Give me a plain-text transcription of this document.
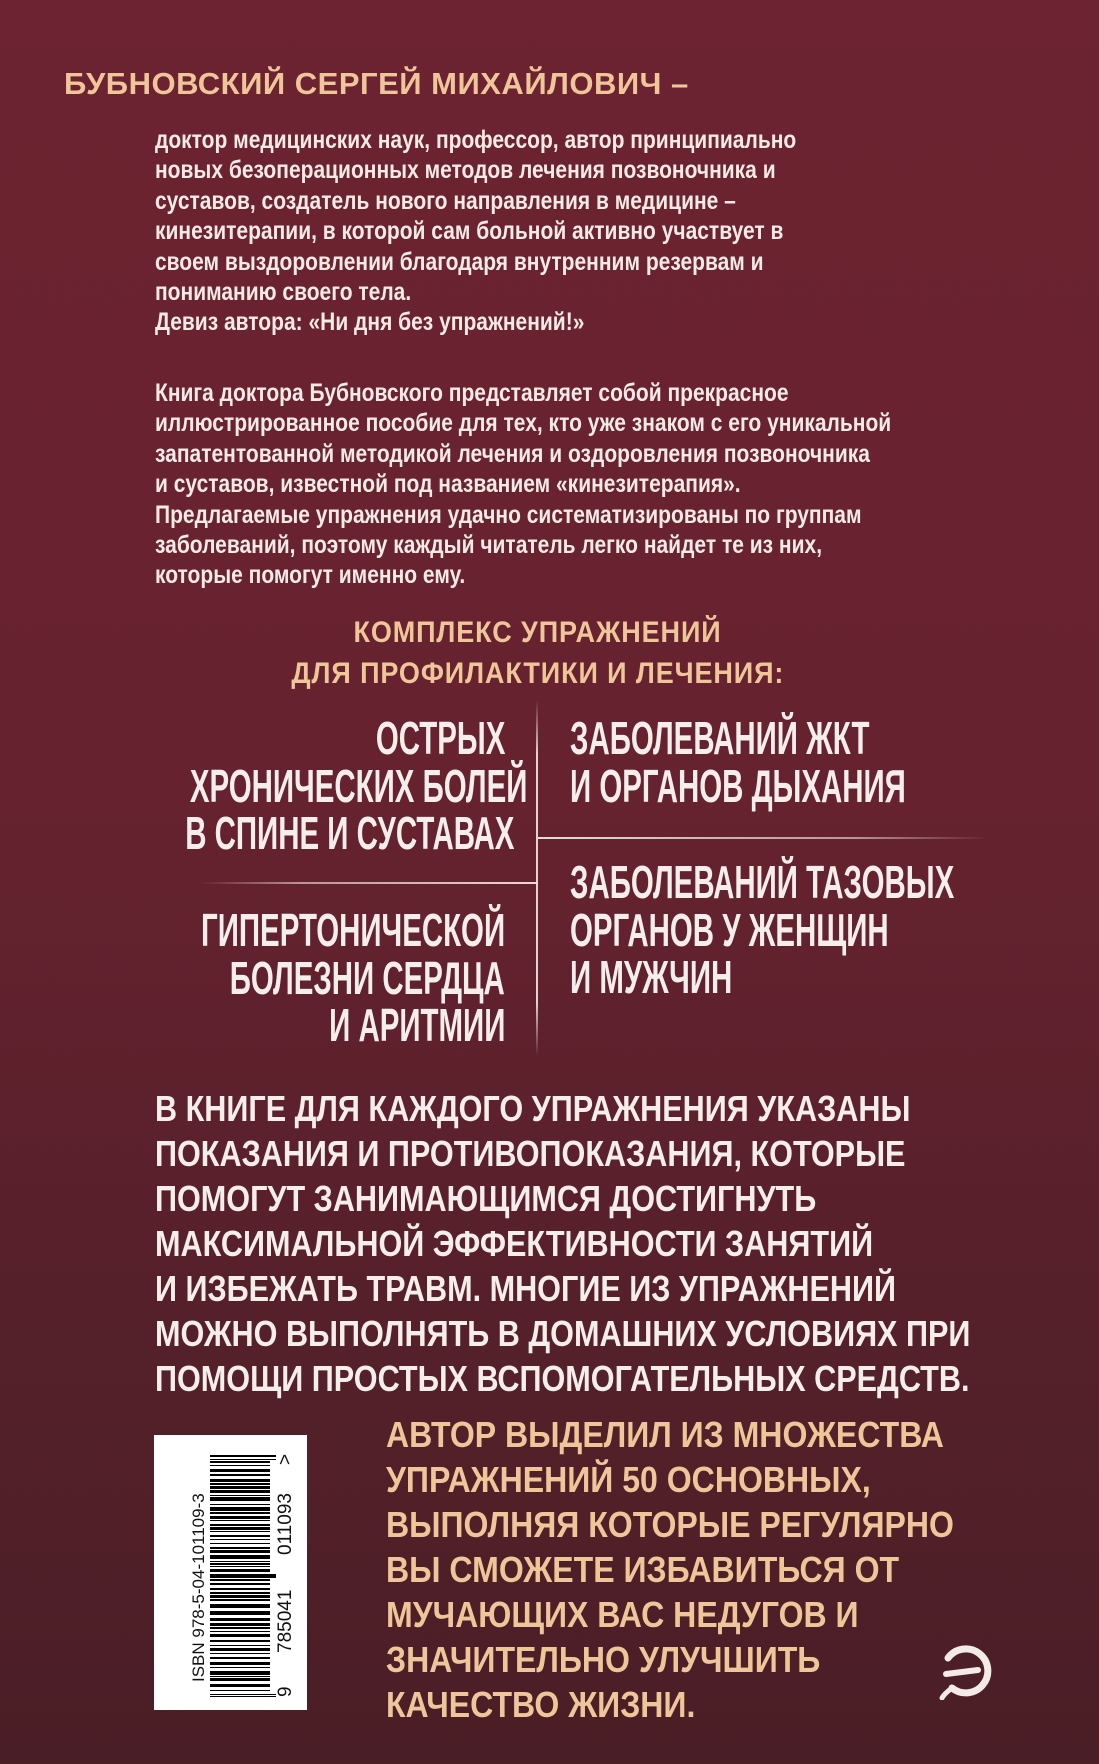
БУБНОВСКИЙ СЕРГЕЙ МИХАЙЛОВИЧ –
доктор медицинских наук, профессор, автор принципиально
новых безоперационных методов лечения позвоночника и
суставов, создатель нового направления в медицине –
кинезитерапии, в которой сам больной активно участвует в
своем выздоровлении благодаря внутренним резервам и
пониманию своего тела.
Девиз автора: «Ни дня без упражнений!»
Книга доктора Бубновского представляет собой прекрасное
иллюстрированное пособие для тех, кто уже знаком с его уникальной
запатентованной методикой лечения и оздоровления позвоночника
и суставов, известной под названием «кинезитерапия».
Предлагаемые упражнения удачно систематизированы по группам
заболеваний, поэтому каждый читатель легко найдет те из них,
которые помогут именно ему.
КОМПЛЕКС УПРАЖНЕНИЙ
ДЛЯ ПРОФИЛАКТИКИ И ЛЕЧЕНИЯ:
ОСТРЫХ
ХРОНИЧЕСКИХ БОЛЕЙ
В СПИНЕ И СУСТАВАХ
ГИПЕРТОНИЧЕСКОЙ
БОЛЕЗНИ СЕРДЦА
И АРИТМИИ
ЗАБОЛЕВАНИЙ ЖКТ
И ОРГАНОВ ДЫХАНИЯ
ЗАБОЛЕВАНИЙ ТАЗОВЫХ
ОРГАНОВ У ЖЕНЩИН
И МУЖЧИН
В КНИГЕ ДЛЯ КАЖДОГО УПРАЖНЕНИЯ УКАЗАНЫ
ПОКАЗАНИЯ И ПРОТИВОПОКАЗАНИЯ, КОТОРЫЕ
ПОМОГУТ ЗАНИМАЮЩИМСЯ ДОСТИГНУТЬ
МАКСИМАЛЬНОЙ ЭФФЕКТИВНОСТИ ЗАНЯТИЙ
И ИЗБЕЖАТЬ ТРАВМ. МНОГИЕ ИЗ УПРАЖНЕНИЙ
МОЖНО ВЫПОЛНЯТЬ В ДОМАШНИХ УСЛОВИЯХ ПРИ
ПОМОЩИ ПРОСТЫХ ВСПОМОГАТЕЛЬНЫХ СРЕДСТВ.
АВТОР ВЫДЕЛИЛ ИЗ МНОЖЕСТВА
УПРАЖНЕНИЙ 50 ОСНОВНЫХ,
ВЫПОЛНЯЯ КОТОРЫЕ РЕГУЛЯРНО
ВЫ СМОЖЕТЕ ИЗБАВИТЬСЯ ОТ
МУЧАЮЩИХ ВАС НЕДУГОВ И
ЗНАЧИТЕЛЬНО УЛУЧШИТЬ
КАЧЕСТВО ЖИЗНИ.
ISBN 978-5-04-101109-3	785041
011093
9
>
